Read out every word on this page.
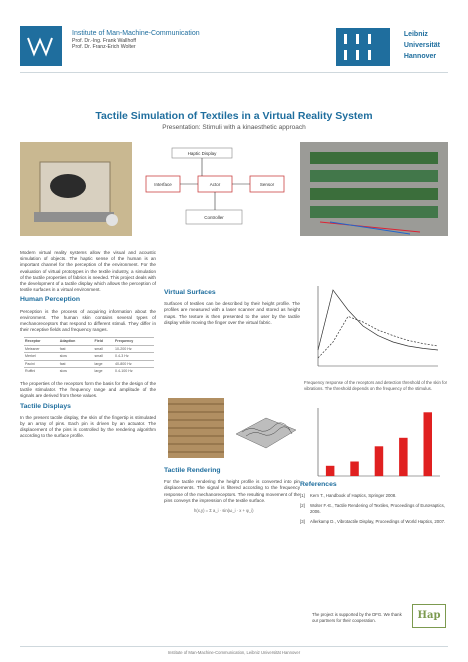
Institute of Man-Machine-Communication
Prof. Dr.-Ing. Frank Wallhoff
Prof. Dr. Franz-Erich Wolter
Leibniz
Universität
Hannover
Tactile Simulation of Textiles in a Virtual Reality System
Presentation: Stimuli with a kinaesthetic approach
Haptic Display
Interface	Actor	Sensor
Controller

Modern virtual reality systems allow the visual and acoustic simulation of objects. The haptic sense of the human is an important channel for the perception of the environment. For the evaluation of virtual prototypes in the textile industry, a simulation of the tactile properties of fabrics is needed. This project deals with the development of a tactile display which allows the perception of textile surfaces in a virtual environment.

Human Perception

Perception is the process of acquiring information about the environment. The human skin contains several types of mechanoreceptors that respond to different stimuli. They differ in their receptive fields and frequency ranges.

Receptor	Adaption	Field	Frequency
Meissner	fast	small	10-200 Hz
Merkel	slow	small	0.4-3 Hz
Pacini	fast	large	40-800 Hz
Ruffini	slow	large	0.4-100 Hz

The properties of the receptors form the basis for the design of the tactile stimulator. The frequency range and amplitude of the signals are derived from these values.

Tactile Displays

In the present tactile display, the skin of the fingertip is stimulated by an array of pins. Each pin is driven by an actuator. The displacement of the pins is controlled by the rendering algorithm according to the surface profile.

Virtual Surfaces

Surfaces of textiles can be described by their height profile. The profiles are measured with a laser scanner and stored as height maps. The texture is then presented to the user by the tactile display while moving the finger over the virtual fabric.

Tactile Rendering

For the tactile rendering the height profile is converted into pin displacements. The signal is filtered according to the frequency response of the mechanoreceptors. The resulting movement of the pins conveys the impression of the textile surface.

h(x,y) = Σ a_i · sin(ω_i · x + φ_i)
Frequency response of the receptors and detection threshold of the skin for vibrations. The threshold depends on the frequency of the stimulus.
References
[1] Kern T., Handbook of Haptics, Springer 2008.
[2] Wolter F.-E., Tactile Rendering of Textiles, Proceedings of EuroHaptics, 2006.
[3] Allerkamp D., Vibrotactile Display, Proceedings of World Haptics, 2007.
The project is supported by the DFG. We thank our partners for their cooperation.	Hap
Institute of Man-Machine-Communication, Leibniz Universität Hannover
